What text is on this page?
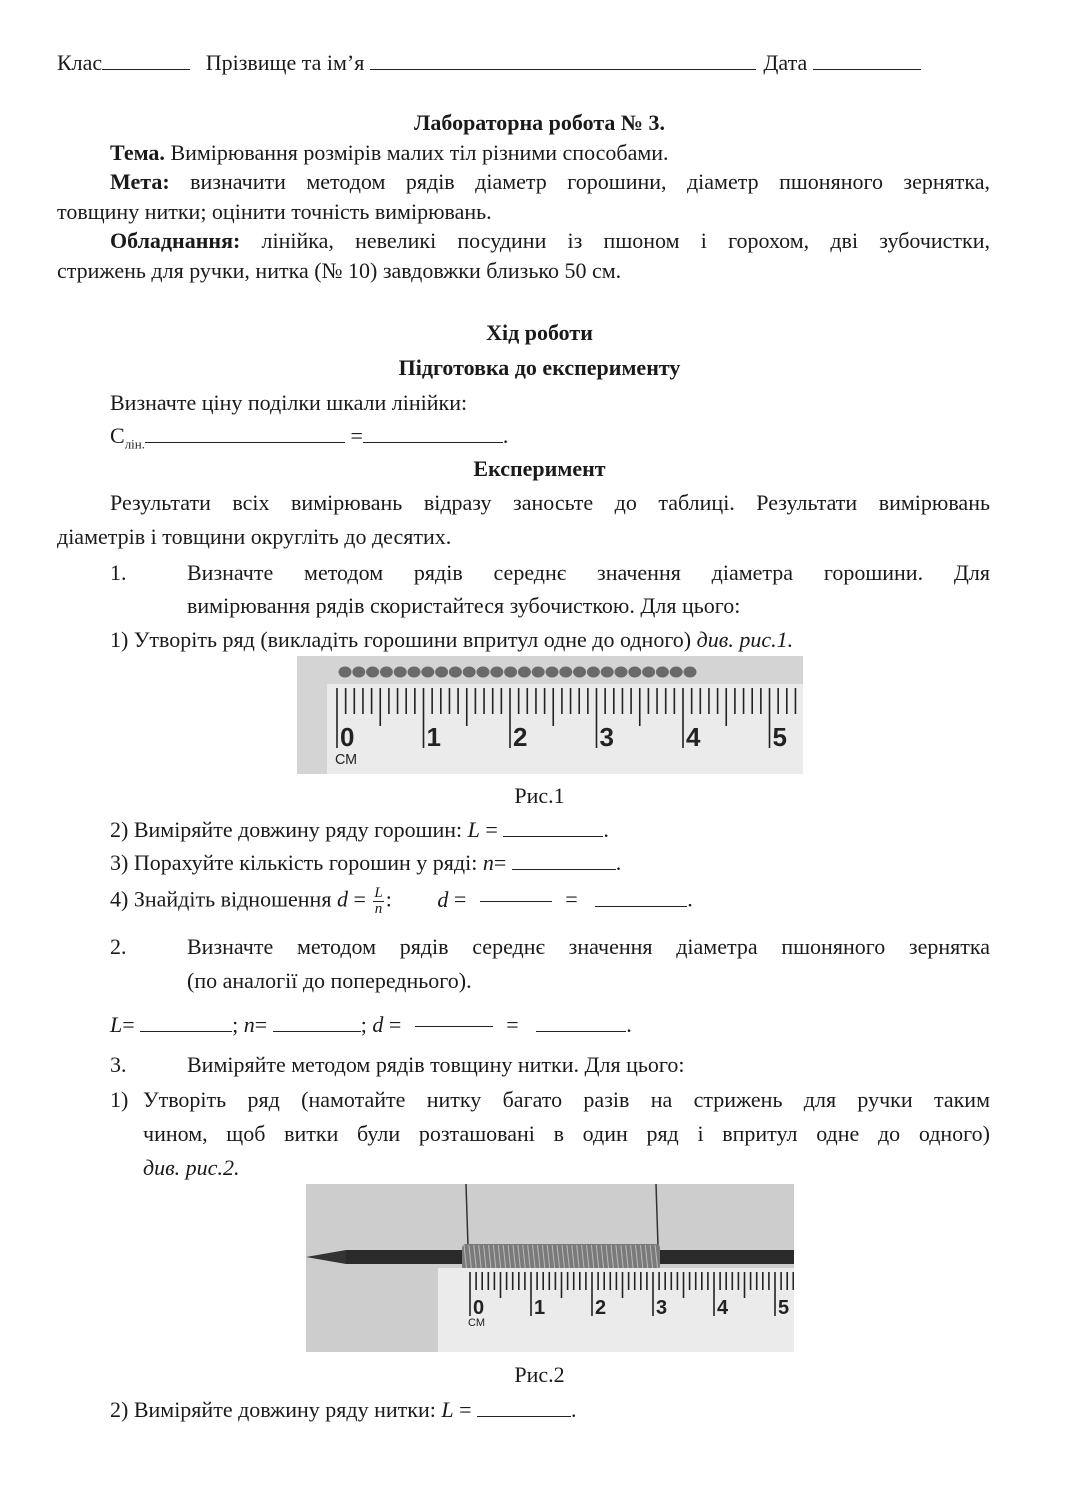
Клас	Прізвище та ім’я	Дата
Лабораторна робота № 3.
Тема. Вимірювання розмірів малих тіл різними способами.
Мета: визначити методом рядів діаметр горошини, діаметр пшоняного зернятка,
товщину нитки; оцінити точність вимірювань.
Обладнання: лінійка, невеликі посудини із пшоном і горохом, дві зубочистки,
стрижень для ручки, нитка (№ 10) завдовжки близько 50 см.
Хід роботи
Підготовка до експерименту
Визначте ціну поділки шкали лінійки:
$С_{лін.}$	=	.
Експеримент
Результати всіх вимірювань відразу заносьте до таблиці. Результати вимірювань
діаметрів і товщини округліть до десятих.
1.	Визначте методом рядів середнє значення діаметра горошини. Для
вимірювання рядів скористайтеся зубочисткою. Для цього:
1) Утворіть ряд (викладіть горошини впритул одне до одного) див. рис.1.
0	1	2	3	4	5
СМ
Рис.1
2) Виміряйте довжину ряду горошин: L =	.
3) Порахуйте кількість горошин у ряді: n=	.
4) Знайдіть відношення $d = \frac{L}{n}$ : d =	=	.
2.	Визначте методом рядів середнє значення діаметра пшоняного зернятка
(по аналогії до попереднього).
L=	; n=	; d =	=	.
3.	Виміряйте методом рядів товщину нитки. Для цього:
1) Утворіть ряд (намотайте нитку багато разів на стрижень для ручки таким
чином, щоб витки були розташовані в один ряд і впритул одне до одного)
див. рис.2.
0 1 2 3 4 5
СМ
Рис.2
2) Виміряйте довжину ряду нитки: L =	.
